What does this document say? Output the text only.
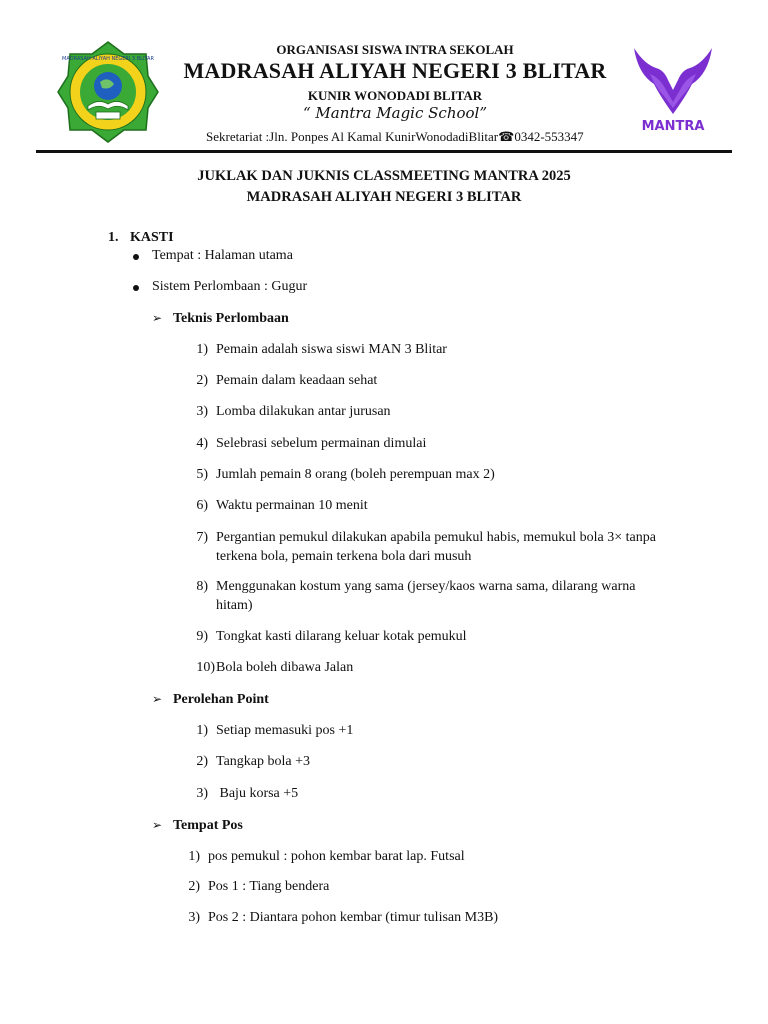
MADRASAH ALIYAH NEGERI 3 BLITAR
MANTRA
ORGANISASI SISWA INTRA SEKOLAH
MADRASAH ALIYAH NEGERI 3 BLITAR
KUNIR WONODADI BLITAR
“ Mantra Magic School”
Sekretariat :Jln. Ponpes Al Kamal KunirWonodadiBlitar☎0342-553347
JUKLAK DAN JUKNIS CLASSMEETING MANTRA 2025
MADRASAH ALIYAH NEGERI 3 BLITAR
1. KASTI
Tempat : Halaman utama
Sistem Perlombaan : Gugur
➢ Teknis Perlombaan
1) Pemain adalah siswa siswi MAN 3 Blitar
2) Pemain dalam keadaan sehat
3) Lomba dilakukan antar jurusan
4) Selebrasi sebelum permainan dimulai
5) Jumlah pemain 8 orang (boleh perempuan max 2)
6) Waktu permainan 10 menit
7) Pergantian pemukul dilakukan apabila pemukul habis, memukul bola 3× tanpa terkena bola, pemain terkena bola dari musuh
8) Menggunakan kostum yang sama (jersey/kaos warna sama, dilarang warna hitam)
9) Tongkat kasti dilarang keluar kotak pemukul
10) Bola boleh dibawa Jalan
➢ Perolehan Point
1) Setiap memasuki pos +1
2) Tangkap bola +3
3) Baju korsa +5
➢ Tempat Pos
1) pos pemukul : pohon kembar barat lap. Futsal
2) Pos 1 : Tiang bendera
3) Pos 2 : Diantara pohon kembar (timur tulisan M3B)
